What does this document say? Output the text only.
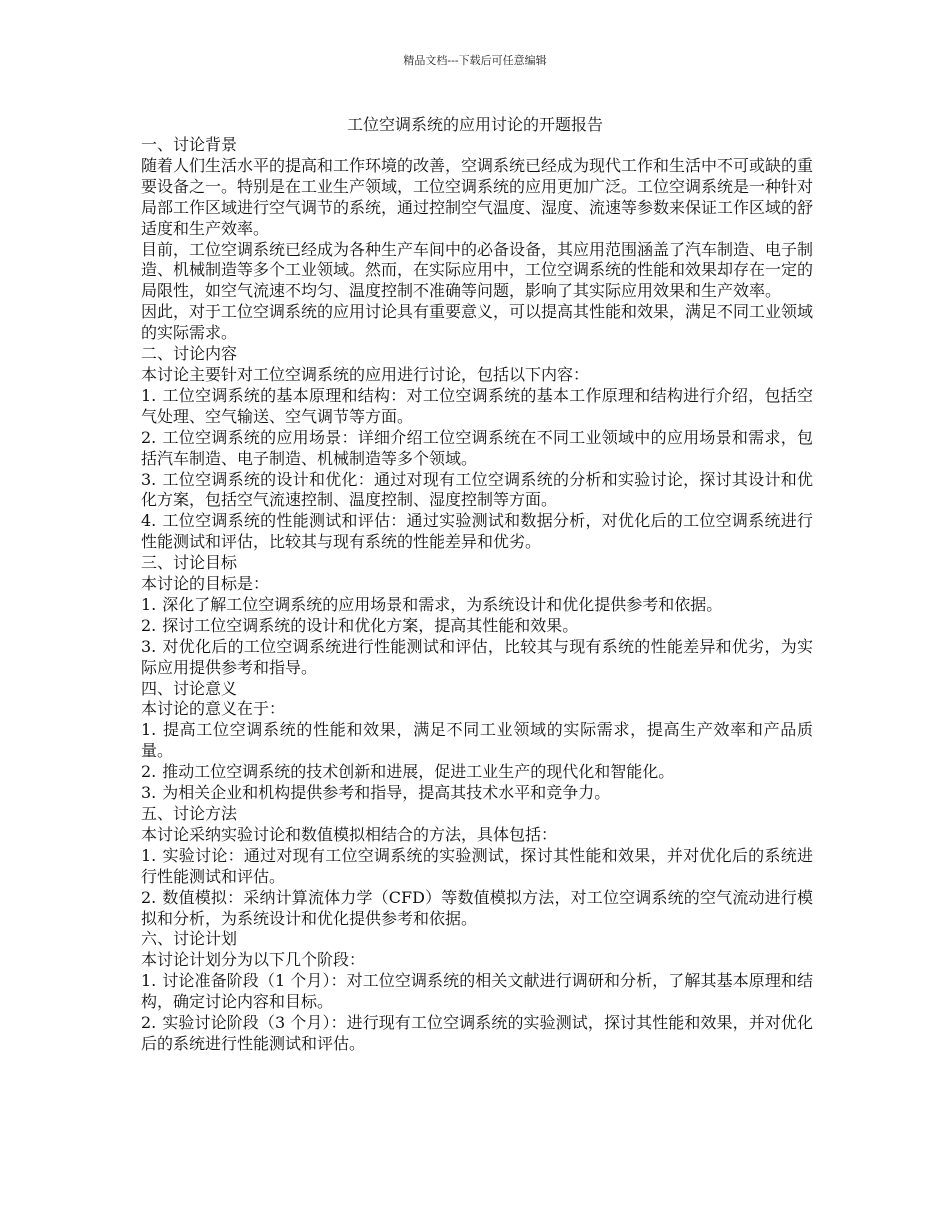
精品文档---下载后可任意编辑
工位空调系统的应用讨论的开题报告
一、讨论背景

随着人们生活水平的提高和工作环境的改善，空调系统已经成为现代工作和生活中不可或缺的重要设备之一。特别是在工业生产领域，工位空调系统的应用更加广泛。工位空调系统是一种针对局部工作区域进行空气调节的系统，通过控制空气温度、湿度、流速等参数来保证工作区域的舒适度和生产效率。

目前，工位空调系统已经成为各种生产车间中的必备设备，其应用范围涵盖了汽车制造、电子制造、机械制造等多个工业领域。然而，在实际应用中，工位空调系统的性能和效果却存在一定的局限性，如空气流速不均匀、温度控制不准确等问题，影响了其实际应用效果和生产效率。

因此，对于工位空调系统的应用讨论具有重要意义，可以提高其性能和效果，满足不同工业领域的实际需求。

二、讨论内容

本讨论主要针对工位空调系统的应用进行讨论，包括以下内容：

1. 工位空调系统的基本原理和结构：对工位空调系统的基本工作原理和结构进行介绍，包括空气处理、空气输送、空气调节等方面。

2. 工位空调系统的应用场景：详细介绍工位空调系统在不同工业领域中的应用场景和需求，包括汽车制造、电子制造、机械制造等多个领域。

3. 工位空调系统的设计和优化：通过对现有工位空调系统的分析和实验讨论，探讨其设计和优化方案，包括空气流速控制、温度控制、湿度控制等方面。

4. 工位空调系统的性能测试和评估：通过实验测试和数据分析，对优化后的工位空调系统进行性能测试和评估，比较其与现有系统的性能差异和优劣。

三、讨论目标

本讨论的目标是：

1. 深化了解工位空调系统的应用场景和需求，为系统设计和优化提供参考和依据。

2. 探讨工位空调系统的设计和优化方案，提高其性能和效果。

3. 对优化后的工位空调系统进行性能测试和评估，比较其与现有系统的性能差异和优劣，为实际应用提供参考和指导。

四、讨论意义

本讨论的意义在于：

1. 提高工位空调系统的性能和效果，满足不同工业领域的实际需求，提高生产效率和产品质量。

2. 推动工位空调系统的技术创新和进展，促进工业生产的现代化和智能化。

3. 为相关企业和机构提供参考和指导，提高其技术水平和竞争力。

五、讨论方法

本讨论采纳实验讨论和数值模拟相结合的方法，具体包括：

1. 实验讨论：通过对现有工位空调系统的实验测试，探讨其性能和效果，并对优化后的系统进行性能测试和评估。

2. 数值模拟：采纳计算流体力学（CFD）等数值模拟方法，对工位空调系统的空气流动进行模拟和分析，为系统设计和优化提供参考和依据。

六、讨论计划

本讨论计划分为以下几个阶段：

1. 讨论准备阶段（1 个月）：对工位空调系统的相关文献进行调研和分析，了解其基本原理和结构，确定讨论内容和目标。

2. 实验讨论阶段（3 个月）：进行现有工位空调系统的实验测试，探讨其性能和效果，并对优化后的系统进行性能测试和评估。
